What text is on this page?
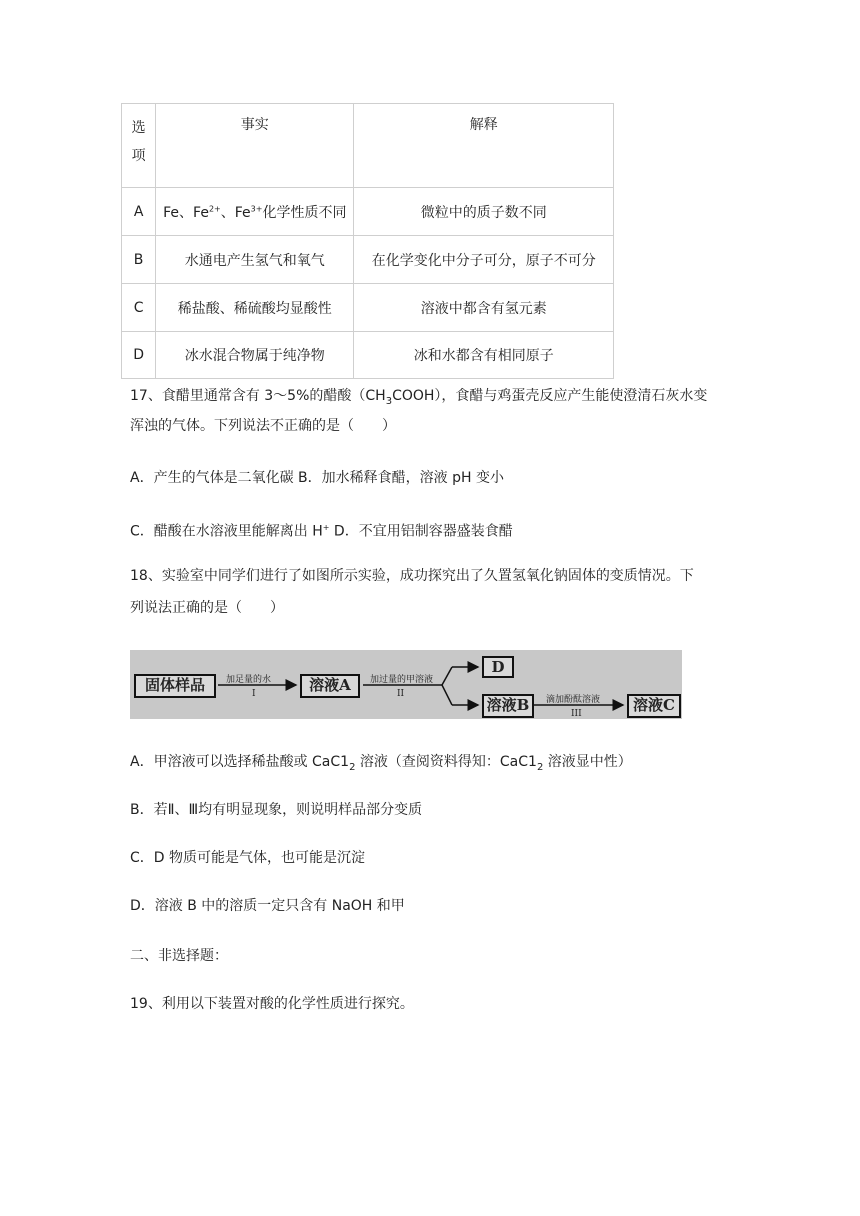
选项	事实	解释
A	Fe、$Fe^{2+}$、$Fe^{3+}$化学性质不同	微粒中的质子数不同
B	水通电产生氢气和氧气	在化学变化中分子可分，原子不可分
C	稀盐酸、稀硫酸均显酸性	溶液中都含有氢元素
D	冰水混合物属于纯净物	冰和水都含有相同原子
17、食醋里通常含有 3～5%的醋酸$(CH_3COOH)$，食醋与鸡蛋壳反应产生能使澄清石灰水变
浑浊的气体。下列说法不正确的是（　　）
A．产生的气体是二氧化碳 B．加水稀释食醋，溶液 pH 变小
C．醋酸在水溶液里能解离出 H+ D．不宜用铝制容器盛装食醋
18、实验室中同学们进行了如图所示实验，成功探究出了久置氢氧化钠固体的变质情况。下
列说法正确的是（　　）
固体样品	溶液A
D
溶液B	溶液C
加足量的水
I
加过量的甲溶液
II
滴加酚酞溶液
III
A．甲溶液可以选择稀盐酸或 $CaC1_2$ 溶液（查阅资料得知：$CaC1_2$ 溶液显中性）
B．若Ⅱ、Ⅲ均有明显现象，则说明样品部分变质
C．D 物质可能是气体，也可能是沉淀
D．溶液 B 中的溶质一定只含有 NaOH 和甲
二、非选择题：
19、利用以下装置对酸的化学性质进行探究。
